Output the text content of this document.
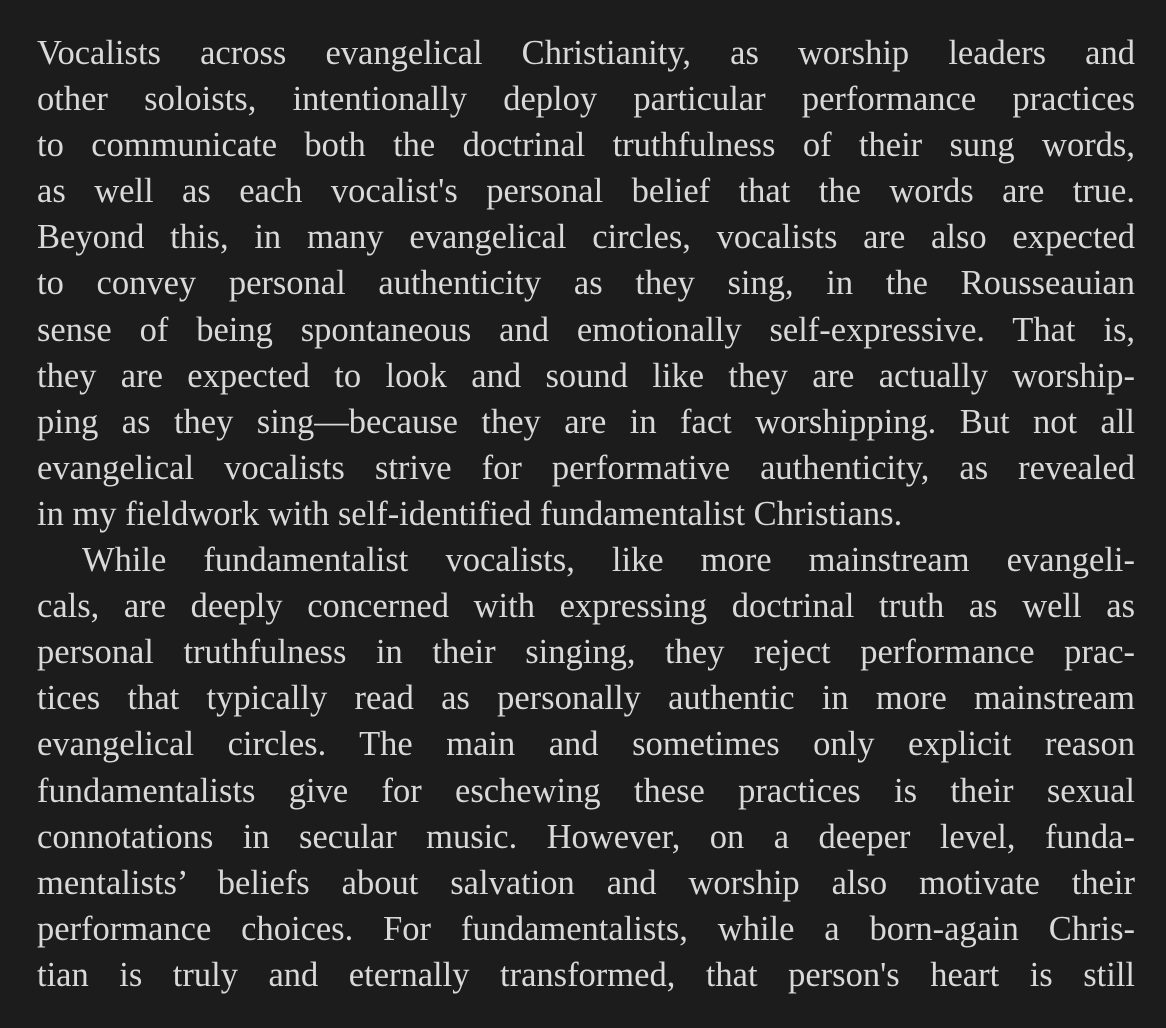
Vocalists across evangelical Christianity, as worship leaders and
other soloists, intentionally deploy particular performance practices
to communicate both the doctrinal truthfulness of their sung words,
as well as each vocalist's personal belief that the words are true.
Beyond this, in many evangelical circles, vocalists are also expected
to convey personal authenticity as they sing, in the Rousseauian
sense of being spontaneous and emotionally self-expressive. That is,
they are expected to look and sound like they are actually worship-
ping as they sing—because they are in fact worshipping. But not all
evangelical vocalists strive for performative authenticity, as revealed
in my fieldwork with self-identified fundamentalist Christians.
While fundamentalist vocalists, like more mainstream evangeli-
cals, are deeply concerned with expressing doctrinal truth as well as
personal truthfulness in their singing, they reject performance prac-
tices that typically read as personally authentic in more mainstream
evangelical circles. The main and sometimes only explicit reason
fundamentalists give for eschewing these practices is their sexual
connotations in secular music. However, on a deeper level, funda-
mentalists’ beliefs about salvation and worship also motivate their
performance choices. For fundamentalists, while a born-again Chris-
tian is truly and eternally transformed, that person's heart is still
